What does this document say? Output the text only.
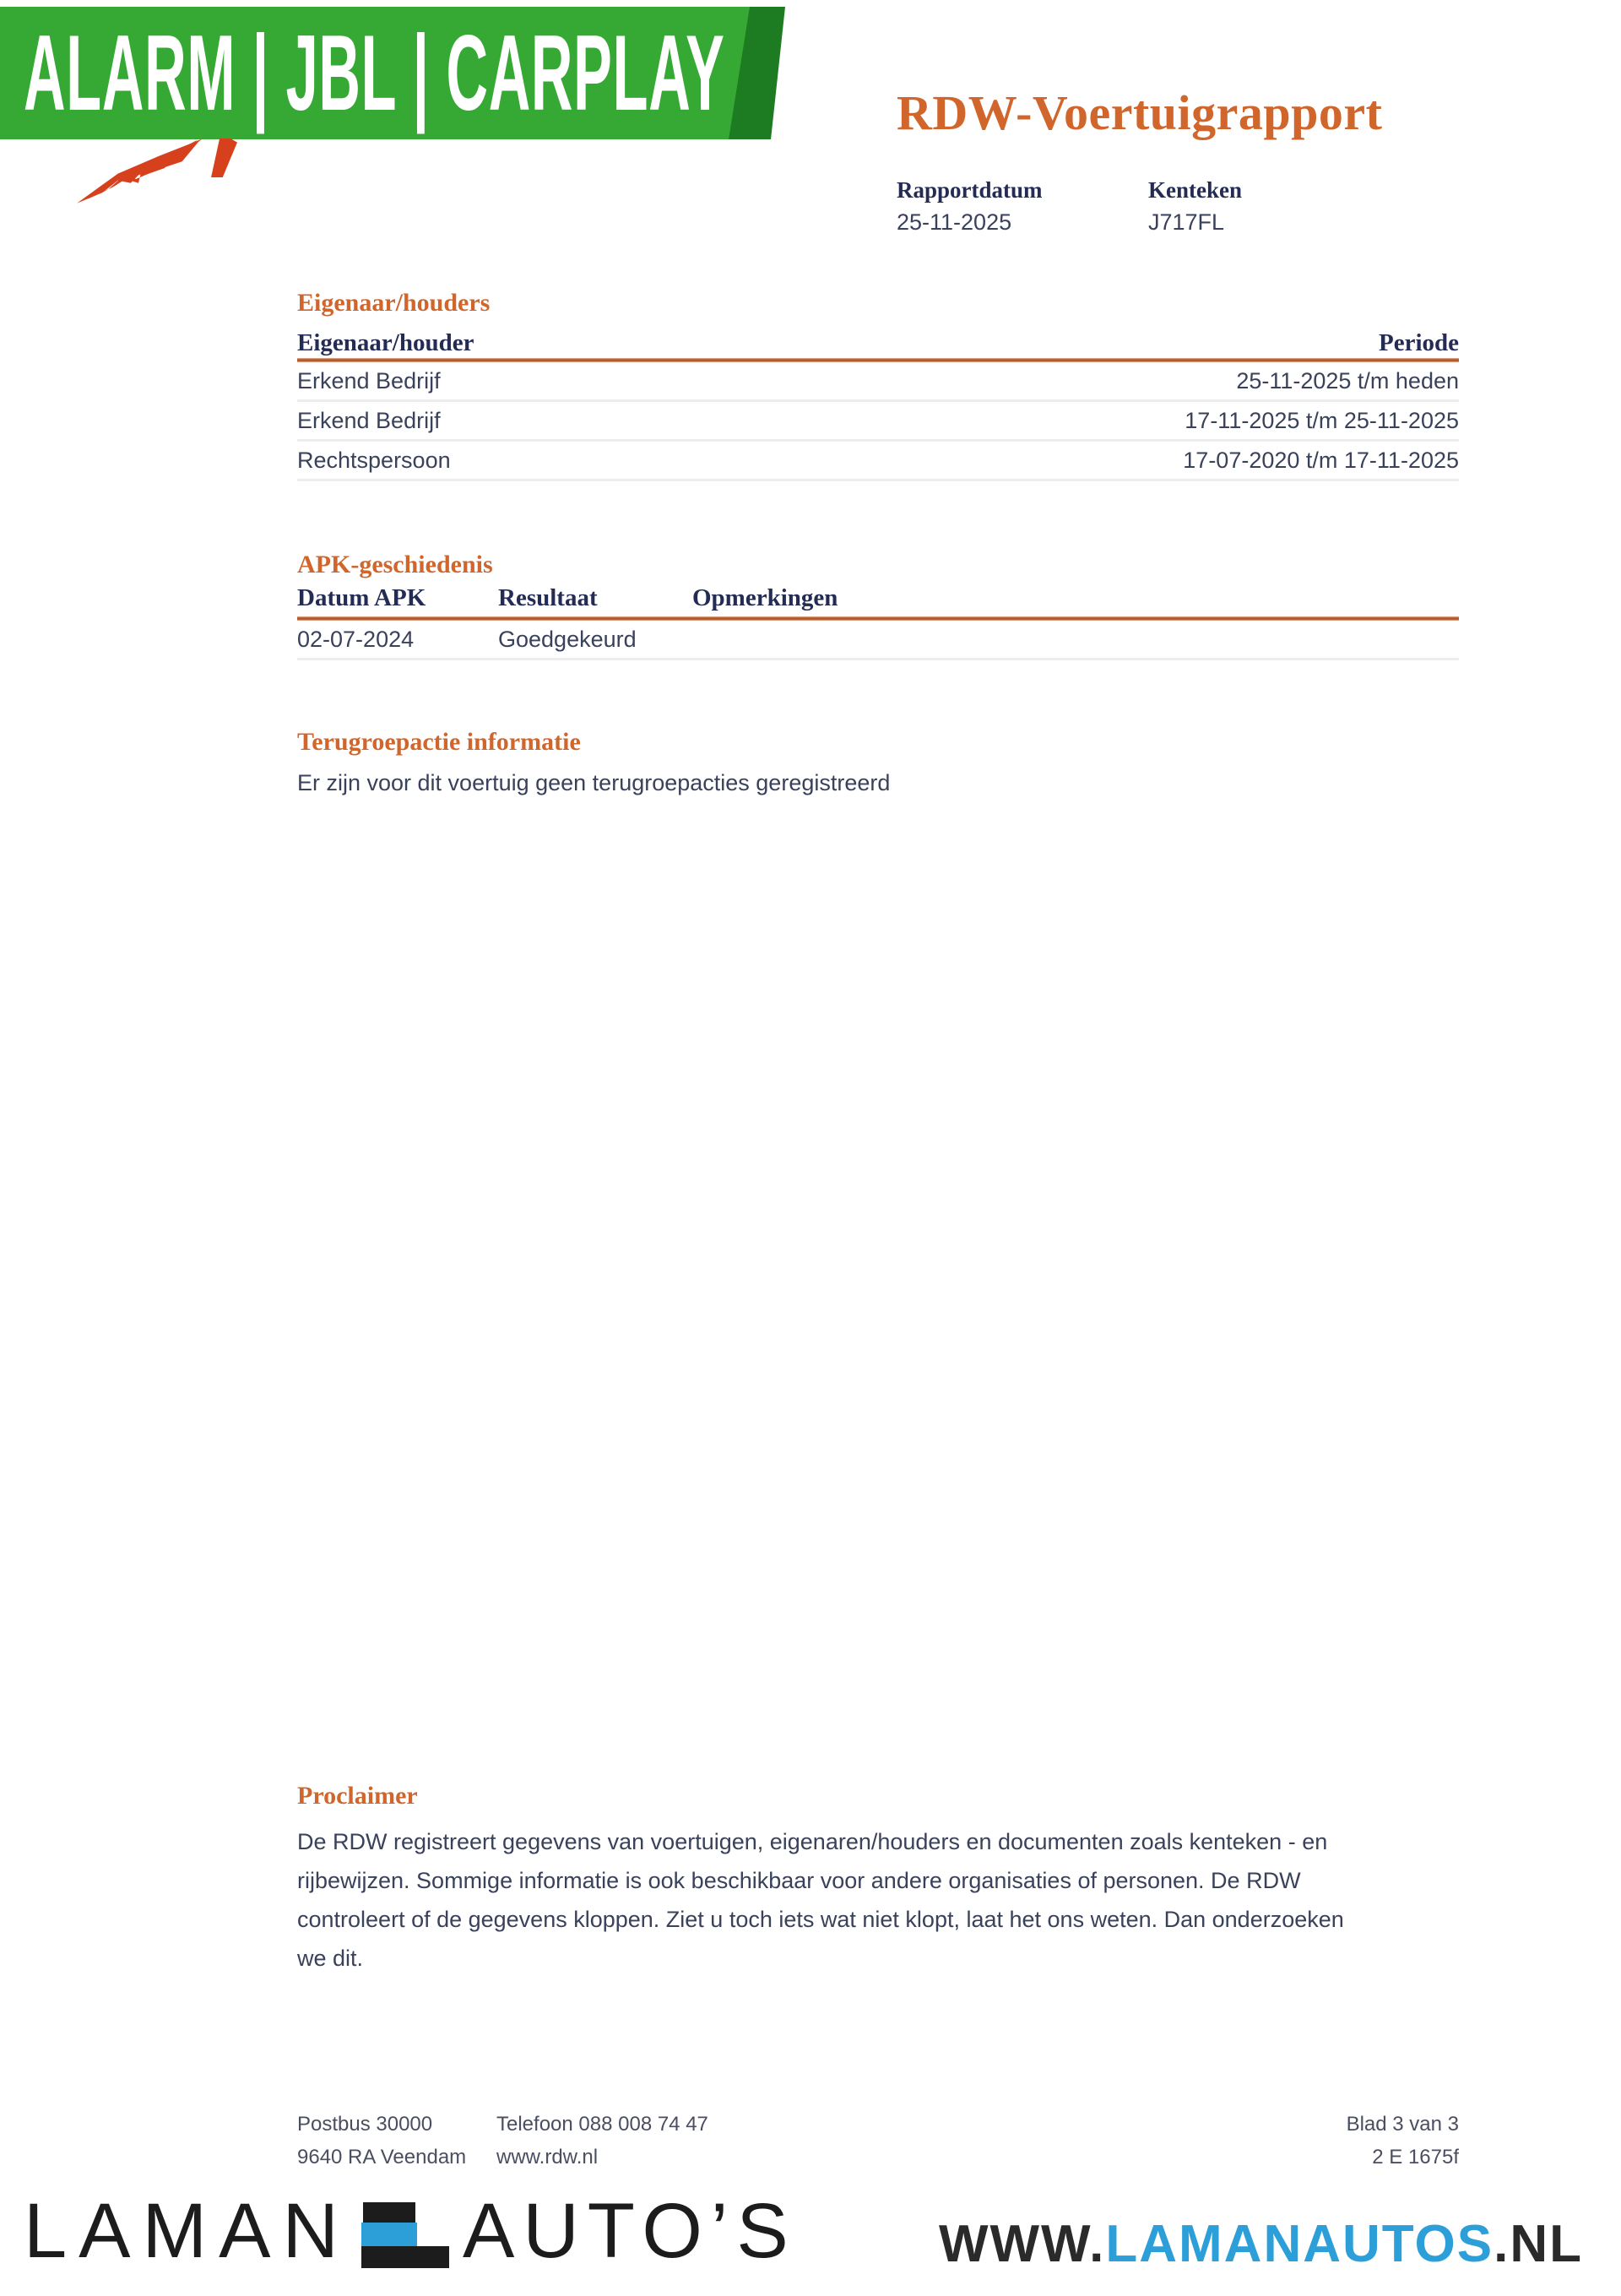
ALARM | JBL | CARPLAY	RDW-Voertuigrapport
Rapportdatum	Kenteken
25-11-2025	J717FL
Eigenaar/houders
Eigenaar/houder	Periode
Erkend Bedrijf	25-11-2025 t/m heden
Erkend Bedrijf	17-11-2025 t/m 25-11-2025
Rechtspersoon	17-07-2020 t/m 17-11-2025
APK-geschiedenis
Datum APK	Resultaat	Opmerkingen
02-07-2024	Goedgekeurd
Terugroepactie informatie
Er zijn voor dit voertuig geen terugroepacties geregistreerd
Proclaimer
De RDW registreert gegevens van voertuigen, eigenaren/houders en documenten zoals kenteken - en
rijbewijzen. Sommige informatie is ook beschikbaar voor andere organisaties of personen. De RDW
controleert of de gegevens kloppen. Ziet u toch iets wat niet klopt, laat het ons weten. Dan onderzoeken
we dit.
Postbus 30000	Telefoon 088 008 74 47	Blad 3 van 3
9640 RA Veendam	www.rdw.nl	2 E 1675f
LAMAN AUTO’S	WWW.LAMANAUTOS.NL
